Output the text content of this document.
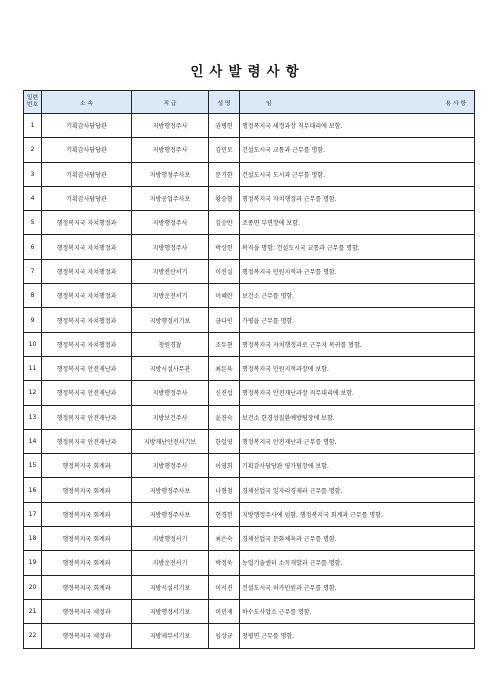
인사발령사항
일련
번호	소 속	직 급	성 명	임 용 사 항

1	기획감사담당관	지방행정주사	권병헌	행정복지국 세정과장 직무대리에 보함.
2	기획감사담당관	지방행정주사	김민모	건설도시국 교통과 근무를 명함.
3	기획감사담당관	지방행정주사보	문기한	건설도시국 도시과 근무를 명함.
4	기획감사담당관	지방공업주사보	황승현	행정복지국 자치행정과 근무를 명함.
5	행정복지국 자치행정과	지방행정주사	김승만	조종면 부면장에 보함.
6	행정복지국 자치행정과	지방행정주사	박상헌	복직을 명함. 건설도시국 교통과 근무를 명함.
7	행정복지국 자치행정과	지방전산서기	이진실	행정복지국 민원지적과 근무를 명함.
8	행정복지국 자치행정과	지방운전서기	이혜란	보건소 근무를 명함.
9	행정복지국 자치행정과	지방행정서기보	금다인	가평읍 근무를 명함.
10	행정복지국 자치행정과	청원경찰	조두현	행정복지국 자치행정과로 근무지 복귀를 명함.
11	행정복지국 안전재난과	지방시설사무관	최돈육	행정복지국 민원지적과장에 보함.
12	행정복지국 안전재난과	지방행정주사	신진섭	행정복지국 안전재난과장 직무대리에 보함.
13	행정복지국 안전재난과	지방보건주사	윤진숙	보건소 한경성질환예방팀장에 보함.
14	행정복지국 안전재난과	지방재난안전서기보	한일영	행정복지국 안전재난과 근무를 명함.
15	행정복지국 회계과	지방행정주사	이영희	기획감사담당관 평가팀장에 보함.
16	행정복지국 회계과	지방행정주사보	나형철	경제산업국 일자리경제과 근무를 명함.
17	행정복지국 회계과	지방행정주사보	현경헌	지방행정주사에 임함. 행정복지국 회계과 근무를 명함.
18	행정복지국 회계과	지방행정서기	최은숙	경제산업국 문화체육과 근무를 명함.
19	행정복지국 회계과	지방운전서기	박정욱	농업기술센터 소득개발과 근무를 명함.
20	행정복지국 회계과	지방시설서기보	이서진	건설도시국 허가민원과 근무를 명함.
21	행정복지국 세정과	지방행정서기보	이민재	하수도사업소 근무를 명함.
22	행정복지국 세정과	지방세무서기보	임상규	청평면 근무를 명함.
